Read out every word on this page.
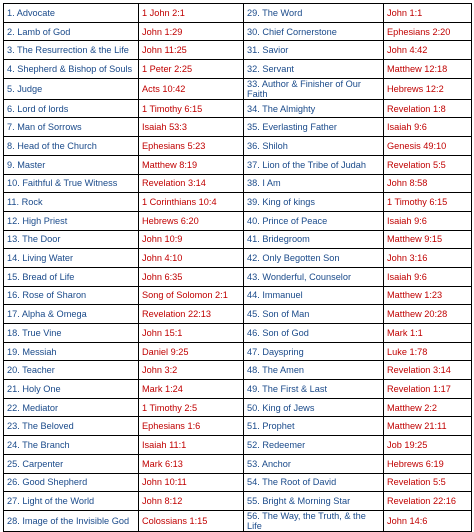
1. Advocate	1 John 2:1	29. The Word	John 1:1
2. Lamb of God	John 1:29	30. Chief Cornerstone	Ephesians 2:20
3. The Resurrection & the Life	John 11:25	31. Savior	John 4:42
4. Shepherd & Bishop of Souls	1 Peter 2:25	32. Servant	Matthew 12:18
5. Judge	Acts 10:42	33. Author & Finisher of Our Faith	Hebrews 12:2
6. Lord of lords	1 Timothy 6:15	34. The Almighty	Revelation 1:8
7. Man of Sorrows	Isaiah 53:3	35. Everlasting Father	Isaiah 9:6
8. Head of the Church	Ephesians 5:23	36. Shiloh	Genesis 49:10
9. Master	Matthew 8:19	37. Lion of the Tribe of Judah	Revelation 5:5
10. Faithful & True Witness	Revelation 3:14	38. I Am	John 8:58
11. Rock	1 Corinthians 10:4	39. King of kings	1 Timothy 6:15
12. High Priest	Hebrews 6:20	40. Prince of Peace	Isaiah 9:6
13. The Door	John 10:9	41. Bridegroom	Matthew 9:15
14. Living Water	John 4:10	42. Only Begotten Son	John 3:16
15. Bread of Life	John 6:35	43. Wonderful, Counselor	Isaiah 9:6
16. Rose of Sharon	Song of Solomon 2:1	44. Immanuel	Matthew 1:23
17. Alpha & Omega	Revelation 22:13	45. Son of Man	Matthew 20:28
18. True Vine	John 15:1	46. Son of God	Mark 1:1
19. Messiah	Daniel 9:25	47. Dayspring	Luke 1:78
20. Teacher	John 3:2	48. The Amen	Revelation 3:14
21. Holy One	Mark 1:24	49. The First & Last	Revelation 1:17
22. Mediator	1 Timothy 2:5	50. King of Jews	Matthew 2:2
23. The Beloved	Ephesians 1:6	51. Prophet	Matthew 21:11
24. The Branch	Isaiah 11:1	52. Redeemer	Job 19:25
25. Carpenter	Mark 6:13	53. Anchor	Hebrews 6:19
26. Good Shepherd	John 10:11	54. The Root of David	Revelation 5:5
27. Light of the World	John 8:12	55. Bright & Morning Star	Revelation 22:16
28. Image of the Invisible God	Colossians 1:15	56. The Way, the Truth, & the Life	John 14:6
